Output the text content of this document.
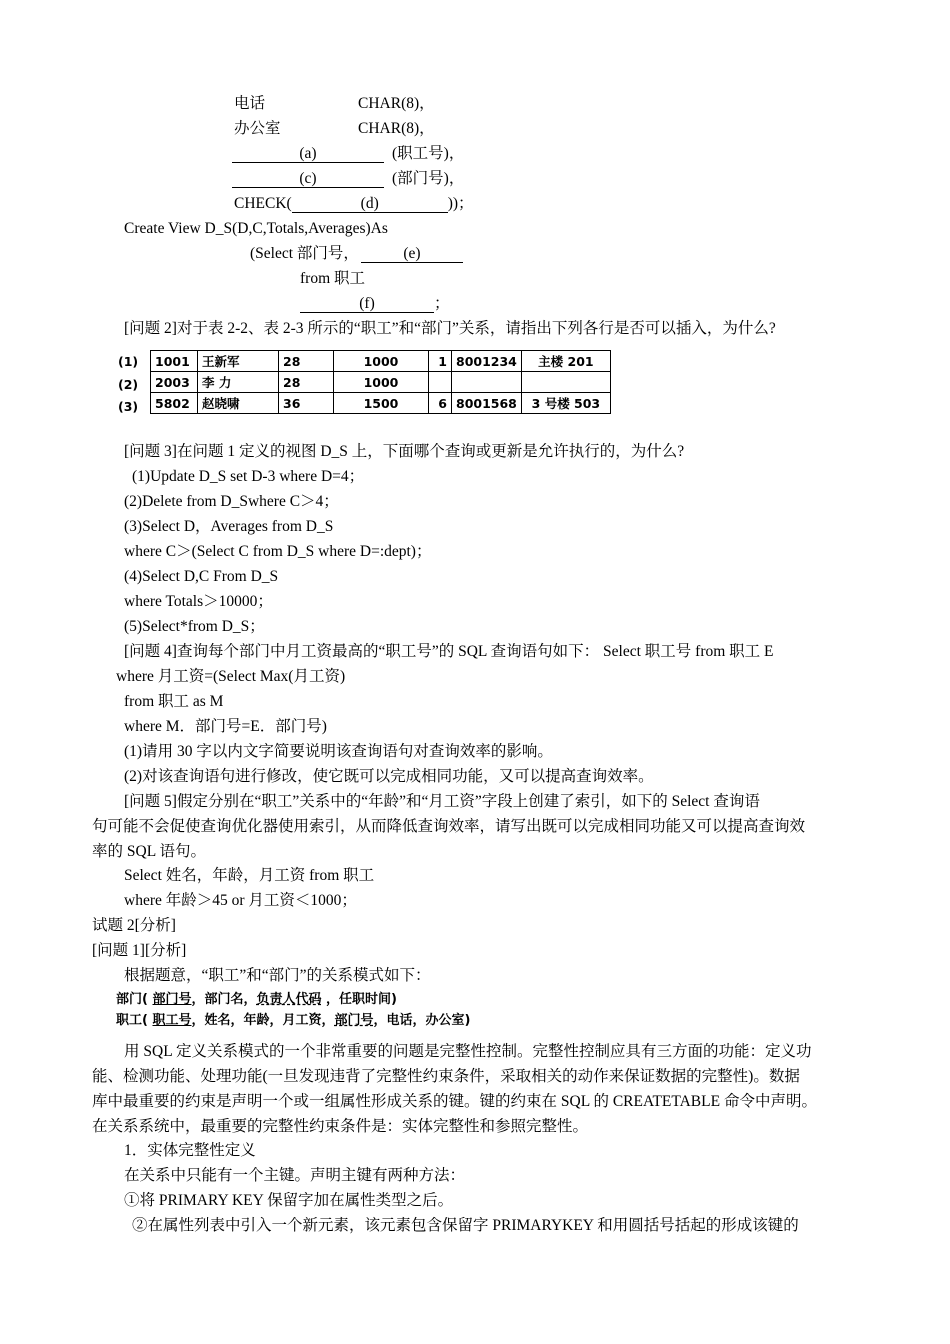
电话	CHAR(8)，
办公室	CHAR(8)，
(a)	(职工号)，
(c)	(部门号)，
CHECK(	(d)	))；
Create View D_S(D,C,Totals,Averages)As
(Select 部门号，	(e)
from 职工
(f)	；
[问题 2]对于表 2-2、表 2-3 所示的“职工”和“部门”关系，请指出下列各行是否可以插入，为什么?
(1)
(2)
(3)
1001	王新军	28	1000	1	8001234	主楼 201
2003	李 力	28	1000			
5802	赵晓啸	36	1500	6	8001568	3 号楼 503
[问题 3]在问题 1 定义的视图 D_S 上，下面哪个查询或更新是允许执行的，为什么?
(1)Update D_S set D-3 where D=4；
(2)Delete from D_Swhere C＞4；
(3)Select D，Averages from D_S
where C＞(Select C from D_S where D=:dept)；
(4)Select D,C From D_S
where Totals＞10000；
(5)Select*from D_S；
[问题 4]查询每个部门中月工资最高的“职工号”的 SQL 查询语句如下： Select 职工号 from 职工 E
where 月工资=(Select Max(月工资)
from 职工 as M
where M．部门号=E．部门号)
(1)请用 30 字以内文字简要说明该查询语句对查询效率的影响。
(2)对该查询语句进行修改，使它既可以完成相同功能，又可以提高查询效率。
[问题 5]假定分别在“职工”关系中的“年龄”和“月工资”字段上创建了索引，如下的 Select 查询语
句可能不会促使查询优化器使用索引，从而降低查询效率，请写出既可以完成相同功能又可以提高查询效
率的 SQL 语句。
Select 姓名，年龄，月工资 from 职工
where 年龄＞45 or 月工资＜1000；
试题 2[分析]
[问题 1][分析]
根据题意，“职工”和“部门”的关系模式如下：
部门( 部门号，部门名，负责人代码 ，任职时间)
职工( 职工号，姓名，年龄，月工资，部门号，电话，办公室)
用 SQL 定义关系模式的一个非常重要的问题是完整性控制。完整性控制应具有三方面的功能：定义功
能、检测功能、处理功能(一旦发现违背了完整性约束条件，采取相关的动作来保证数据的完整性)。数据
库中最重要的约束是声明一个或一组属性形成关系的键。键的约束在 SQL 的 CREATETABLE 命令中声明。
在关系系统中，最重要的完整性约束条件是：实体完整性和参照完整性。
1．实体完整性定义
在关系中只能有一个主键。声明主键有两种方法：
①将 PRIMARY KEY 保留字加在属性类型之后。
②在属性列表中引入一个新元素，该元素包含保留字 PRIMARYKEY 和用圆括号括起的形成该键的
